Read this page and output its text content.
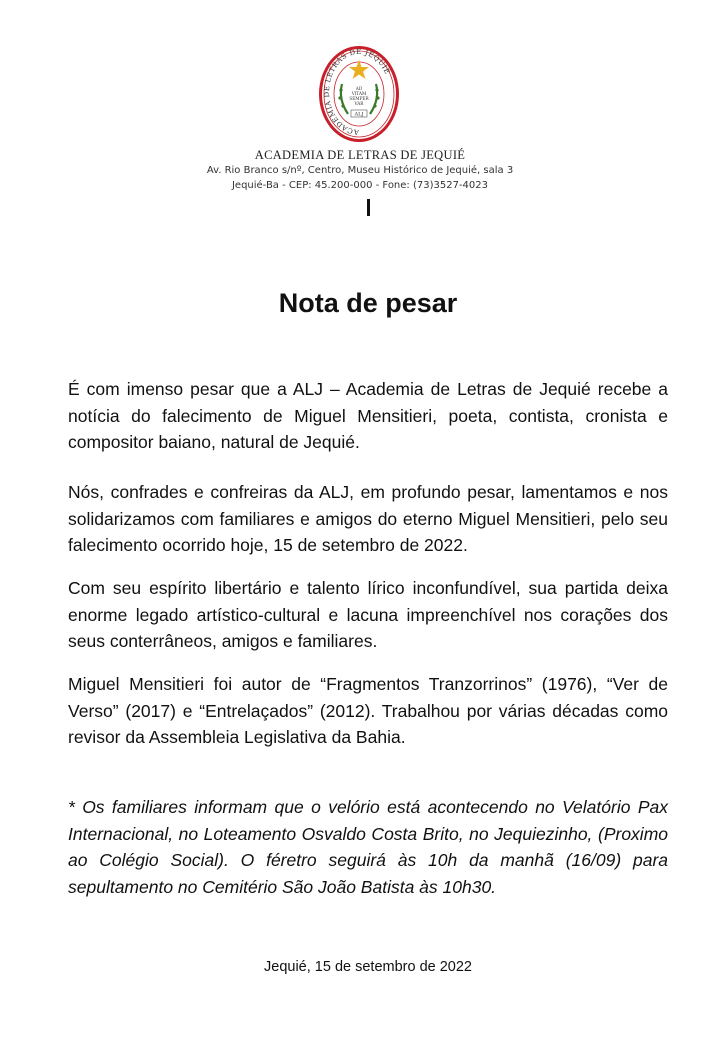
ACADEMIA DE LETRAS DE JEQUIÉ
AD
VITAM
SEMPER
VAR
ALJ
ACADEMIA DE LETRAS DE JEQUIÉ
Av. Rio Branco s/nº, Centro, Museu Histórico de Jequié, sala 3
Jequié-Ba - CEP: 45.200-000 - Fone: (73)3527-4023
Nota de pesar

É com imenso pesar que a ALJ – Academia de Letras de Jequié recebe a notícia do falecimento de Miguel Mensitieri, poeta, contista, cronista e compositor baiano, natural de Jequié.

Nós, confrades e confreiras da ALJ, em profundo pesar, lamentamos e nos solidarizamos com familiares e amigos do eterno Miguel Mensitieri, pelo seu falecimento ocorrido hoje, 15 de setembro de 2022.

Com seu espírito libertário e talento lírico inconfundível, sua partida deixa enorme legado artístico-cultural e lacuna impreenchível nos corações dos seus conterrâneos, amigos e familiares.

Miguel Mensitieri foi autor de “Fragmentos Tranzorrinos” (1976), “Ver de Verso” (2017) e “Entrelaçados” (2012). Trabalhou por várias décadas como revisor da Assembleia Legislativa da Bahia.

* Os familiares informam que o velório está acontecendo no Velatório Pax Internacional, no Loteamento Osvaldo Costa Brito, no Jequiezinho, (Proximo ao Colégio Social). O féretro seguirá às 10h da manhã (16/09) para sepultamento no Cemitério São João Batista às 10h30.

Jequié, 15 de setembro de 2022
